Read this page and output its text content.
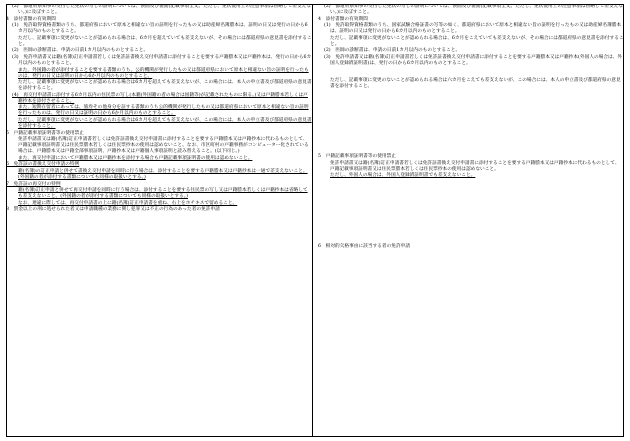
(2)　都道府県知事の交付した免状の写しの証明については、表面及び裏面(記載事項全文。ただし、免状使用上の注意事項は省略して差支えない。)に及ぼすこと。

4　添付書類の有効期間

(1)　免許取得資格書類のうち、都道府県において原本と相違ない旨の証明を行ったもの又は助産婦名簿謄本は、証明の日又は発行の日から6カ月以内のものとすること。

ただし、記載事項に変更がないことが認められる場合は、6カ月を超えていても差支えないが、その場合には都道府県の意見書を添付すること。

(2)　医師の診断書は、申請の日前1カ月以内のものとすること。

(3)　免許申請書又は籍(名簿)訂正申請書若しくは免許証書換え交付申請書に添付することを要する戸籍謄本又は戸籍抄本は、発行の日から6カ月以内のものとすること。

また、外国籍の者が添付することを要する書類のうち、公的機関が発行したもの又は都道府県において原本と相違ない旨の証明を行ったものは、発行の日又は証明の日から6か月以内のものとすること。

ただし、記載事項に変更がないことが認められる場合は6カ月を超えても差支えないが、この場合には、本人の申立書及び都道府県の意見書を添付すること。

(4)　再交付申請書に添付する6カ月以内の住民票の写し(本籍(外国籍の者の場合は国籍等)が記載されたものに限る。)又は戸籍謄本若しくは戸籍抄本を添付させること。

また、短期在留者にあっては、旅券その他身分を証する書類のうち公的機関が発行したもの又は都道府県において原本と相違ない旨の証明を行ったものは、発行の日又は証明の日から6か月以内のものとすること。

ただし、記載事項に変更がないことが認められる場合は6カ月を超えても差支えないが、この場合には、本人の申立書及び都道府県の意見書を添付すること。

5　戸籍記載事項証明書等の使用禁止

免許申請書又は籍(名簿)訂正申請書若しくは免許証書換え交付申請書に添付することを要する戸籍謄本又は戸籍抄本に代わるものとして、戸籍記載事項証明書又は住民票謄本若しくは住民票抄本の使用は認めないこと。なお、市区町村の戸籍事務がコンピューター化されている場合は、戸籍謄本又は戸籍全部事項証明、戸籍抄本又は戸籍個人事項証明と読み替えること。(以下同じ。)

また、再交付申請において戸籍謄本又は戸籍抄本を添付する場合も戸籍記載事項証明書の使用は認めないこと。

6　免許証の書換え交付申請の特例

籍(名簿)の訂正申請と併せて書換え交付申請を同時に行う場合は、添付することを要する戸籍謄本又は戸籍抄本は一通で差支えないこと。(外国籍の者が添付する書類についても同様の取扱いとする。)

7　免許証の再交付の特例

籍(名簿)訂正申請と併せて再交付申請を同時に行う場合は、添付することを要する住民票の写し又は戸籍謄本若しくは戸籍抄本は省略しても差支えないこと。(外国籍の者が添付する書類についても同様の取扱いとする。)

なお、連違に際しては、再交付申請書の上に籍(名簿)訂正申請書を重ね、右上をホチキスで留めること。

8　罰金以上の刑に処せられた者又は申請職種の業務に関し犯罪又は不正の行為のあった者の免許申請

(2)　都道府県知事の交付した免状の写しの証明については、表面及び裏面(記載事項全文。ただし、免状使用上の注意事項は省略して差支えない。)に及ぼすこと。

4　添付書類の有効期間

(1)　免許取得資格書類のうち、国家試験合格証書の写等の如く、都道府県において原本と相違ない旨の証明を行ったもの又は助産婦名簿謄本は、証明の日又は発行の日から6カ月以内のものとすること。

ただし、記載事項に変更がないことが認められる場合は、6カ月をこえていても差支えないが、その場合には都道府県の意見書を添付すること。

(2)　医師の診断書は、申請の日前1カ月以内のものとすること。

(3)　免許申請書又は籍(名簿)訂正申請書若しくは免許証書換え交付申請書に添付することを要する戸籍謄本又は戸籍抄本(外国人の場合は、外国人登録済証明書)は、発行の日から6カ月以内のものとすること。

ただし、記載事項に変更のないことが認められる場合は六カ月をこえても差支えないが、この場合には、本人の申立書及び都道府県の意見書を添付すること。

5　戸籍記載事項証明書等の使用禁止

免許申請書又は籍(名簿)訂正申請書若しくは免許証書換え交付申請書に添付することを要する戸籍謄本又は戸籍抄本に代わるものとして、戸籍記載事項証明書又は住民票謄本若しくは住民票抄本の使用は認めないこと。

ただし、外国人の場合は、外国人登録済証明書でも差支えないこと。

6　相対的欠格事由に該当する者の免許申請
